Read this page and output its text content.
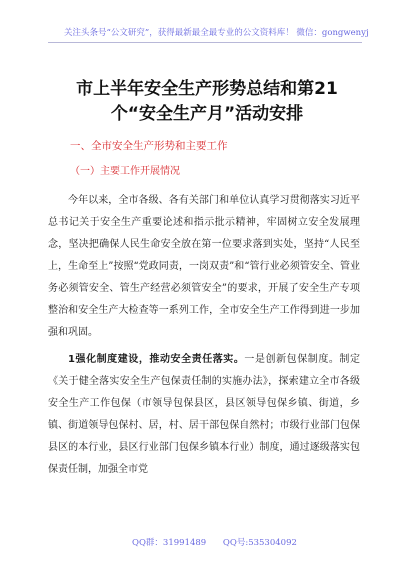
关注头条号“公文研究”，获得最新最全最专业的公文资料库！ 微信：gongwenyj
市上半年安全生产形势总结和第21个“安全生产月”活动安排
一、全市安全生产形势和主要工作
（一）主要工作开展情况

今年以来，全市各级、各有关部门和单位认真学习贯彻落实习近平总书记关于安全生产重要论述和指示批示精神，牢固树立安全发展理念，坚决把确保人民生命安全放在第一位要求落到实处，坚持“人民至上，生命至上”按照“党政同责，一岗双责”和“管行业必须管安全、管业务必须管安全、管生产经营必须管安全”的要求，开展了安全生产专项整治和安全生产大检查等一系列工作，全市安全生产工作得到进一步加强和巩固。

1强化制度建设，推动安全责任落实。一是创新包保制度。制定《关于健全落实安全生产包保责任制的实施办法》，探索建立全市各级安全生产工作包保（市领导包保县区，县区领导包保乡镇、街道，乡镇、街道领导包保村、居，村、居干部包保自然村；市级行业部门包保县区的本行业，县区行业部门包保乡镇本行业）制度，通过逐级落实包保责任制，加强全市党

QQ群：31991489 QQ号:535304092
